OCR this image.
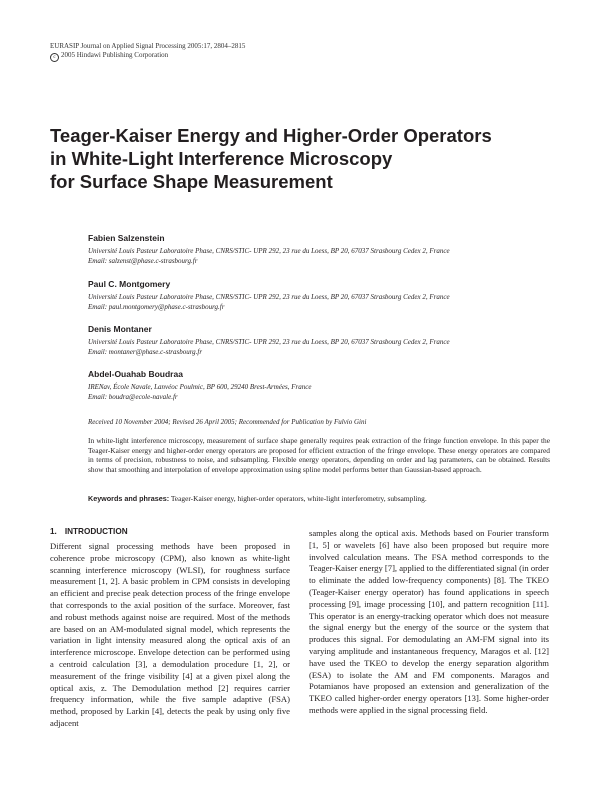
EURASIP Journal on Applied Signal Processing 2005:17, 2804–2815
c 2005 Hindawi Publishing Corporation
Teager-Kaiser Energy and Higher-Order Operators
in White-Light Interference Microscopy
for Surface Shape Measurement
Fabien Salzenstein
Université Louis Pasteur Laboratoire Phase, CNRS/STIC- UPR 292, 23 rue du Loess, BP 20, 67037 Strasbourg Cedex 2, France
Email: salzenst@phase.c-strasbourg.fr
Paul C. Montgomery
Université Louis Pasteur Laboratoire Phase, CNRS/STIC- UPR 292, 23 rue du Loess, BP 20, 67037 Strasbourg Cedex 2, France
Email: paul.montgomery@phase.c-strasbourg.fr
Denis Montaner
Université Louis Pasteur Laboratoire Phase, CNRS/STIC- UPR 292, 23 rue du Loess, BP 20, 67037 Strasbourg Cedex 2, France
Email: montaner@phase.c-strasbourg.fr
Abdel-Ouahab Boudraa
IRENav, École Navale, Lanvéoc Poulmic, BP 600, 29240 Brest-Armées, France
Email: boudra@ecole-navale.fr
Received 10 November 2004; Revised 26 April 2005; Recommended for Publication by Fulvio Gini
In white-light interference microscopy, measurement of surface shape generally requires peak extraction of the fringe function envelope. In this paper the Teager-Kaiser energy and higher-order energy operators are proposed for efficient extraction of the fringe envelope. These energy operators are compared in terms of precision, robustness to noise, and subsampling. Flexible energy operators, depending on order and lag parameters, can be obtained. Results show that smoothing and interpolation of envelope approximation using spline model performs better than Gaussian-based approach.
Keywords and phrases: Teager-Kaiser energy, higher-order operators, white-light interferometry, subsampling.
1. INTRODUCTION
Different signal processing methods have been proposed in coherence probe microscopy (CPM), also known as white-light scanning interference microscopy (WLSI), for roughness surface measurement [1, 2]. A basic problem in CPM consists in developing an efficient and precise peak detection process of the fringe envelope that corresponds to the axial position of the surface. Moreover, fast and robust methods against noise are required. Most of the methods are based on an AM-modulated signal model, which represents the variation in light intensity measured along the optical axis of an interference microscope. Envelope detection can be performed using a centroid calculation [3], a demodulation procedure [1, 2], or measurement of the fringe visibility [4] at a given pixel along the optical axis, z. The Demodulation method [2] requires carrier frequency information, while the five sample adaptive (FSA) method, proposed by Larkin [4], detects the peak by using only five adjacent
samples along the optical axis. Methods based on Fourier transform [1, 5] or wavelets [6] have also been proposed but require more involved calculation means. The FSA method corresponds to the Teager-Kaiser energy [7], applied to the differentiated signal (in order to eliminate the added low-frequency components) [8]. The TKEO (Teager-Kaiser energy operator) has found applications in speech processing [9], image processing [10], and pattern recognition [11]. This operator is an energy-tracking operator which does not measure the signal energy but the energy of the source or the system that produces this signal. For demodulating an AM-FM signal into its varying amplitude and instantaneous frequency, Maragos et al. [12] have used the TKEO to develop the energy separation algorithm (ESA) to isolate the AM and FM components. Maragos and Potamianos have proposed an extension and generalization of the TKEO called higher-order energy operators [13]. Some higher-order methods were applied in the signal processing field.
